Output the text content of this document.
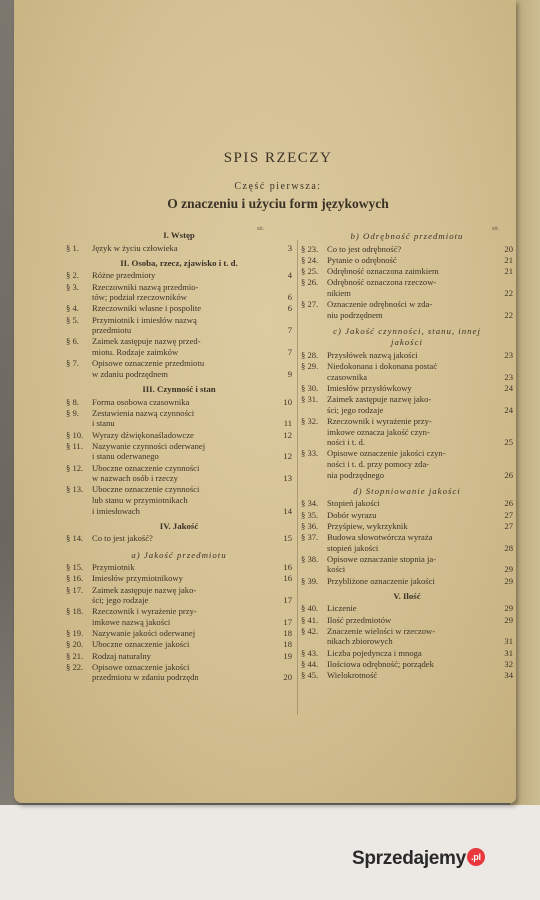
SPIS RZECZY
Część pierwsza:
O znaczeniu i użyciu form językowych
str.	str.
I. Wstęp
§ 1. Język w życiu człowieka	3
II. Osoba, rzecz, zjawisko i t. d.
§ 2. Różne przedmioty	4
§ 3. Rzeczowniki nazwą przedmio-
tów; podział rzeczowników	6
§ 4. Rzeczowniki własne i pospolite	6
§ 5. Przymiotnik i imiesłów nazwą
przedmiotu	7
§ 6. Zaimek zastępuje nazwę przed-
miotu. Rodzaje zaimków	7
§ 7. Opisowe oznaczenie przedmiotu
w zdaniu podrzędnem	9
III. Czynność i stan
§ 8. Forma osobowa czasownika	10
§ 9. Zestawienia nazwą czynności
i stanu	11
§ 10. Wyrazy dźwiękonaśladowcze	12
§ 11. Nazywanie czynności oderwanej
i stanu oderwanego	12
§ 12. Uboczne oznaczenie czynności
w nazwach osób i rzeczy	13
§ 13. Uboczne oznaczenie czynności
lub stanu w przymiotnikach
i imiesłowach	14
IV. Jakość
§ 14. Co to jest jakość?	15
a) Jakość przedmiotu
§ 15. Przymiotnik	16
§ 16. Imiesłów przymiotnikowy	16
§ 17. Zaimek zastępuje nazwę jako-
ści; jego rodzaje	17
§ 18. Rzeczownik i wyrażenie przy-
imkowe nazwą jakości	17
§ 19. Nazywanie jakości oderwanej	18
§ 20. Uboczne oznaczenie jakości	18
§ 21. Rodzaj naturalny	19
§ 22. Opisowe oznaczenie jakości
przedmiotu w zdaniu podrzędn	20
b) Odrębność przedmiotu
§ 23. Co to jest odrębność?	20
§ 24. Pytanie o odrębność	21
§ 25. Odrębność oznaczona zaimkiem	21
§ 26. Odrębność oznaczona rzeczow-
nikiem	22
§ 27. Oznaczenie odrębności w zda-
niu podrzędnem	22
c) Jakość czynności, stanu, innej
jakości
§ 28. Przysłówek nazwą jakości	23
§ 29. Niedokonana i dokonana postać
czasownika	23
§ 30. Imiesłów przysłówkowy	24
§ 31. Zaimek zastępuje nazwę jako-
ści; jego rodzaje	24
§ 32. Rzeczownik i wyrażenie przy-
imkowe oznacza jakość czyn-
ności i t. d.	25
§ 33. Opisowe oznaczenie jakości czyn-
ności i t. d. przy pomocy zda-
nia podrzędnego	26
d) Stopniowanie jakości
§ 34. Stopień jakości	26
§ 35. Dobór wyrazu	27
§ 36. Przyśpiew, wykrzyknik	27
§ 37. Budowa słowotwórcza wyraża
stopień jakości	28
§ 38. Opisowe oznaczanie stopnia ja-
kości	29
§ 39. Przybliżone oznaczenie jakości	29
V. Ilość
§ 40. Liczenie	29
§ 41. Ilość przedmiotów	29
§ 42. Znaczenie wielości w rzeczow-
nikach zbiorowych	31
§ 43. Liczba pojedyncza i mnoga	31
§ 44. Ilościowa odrębność; porządek	32
§ 45. Wielokrotność	34
Sprzedajemy .pl
